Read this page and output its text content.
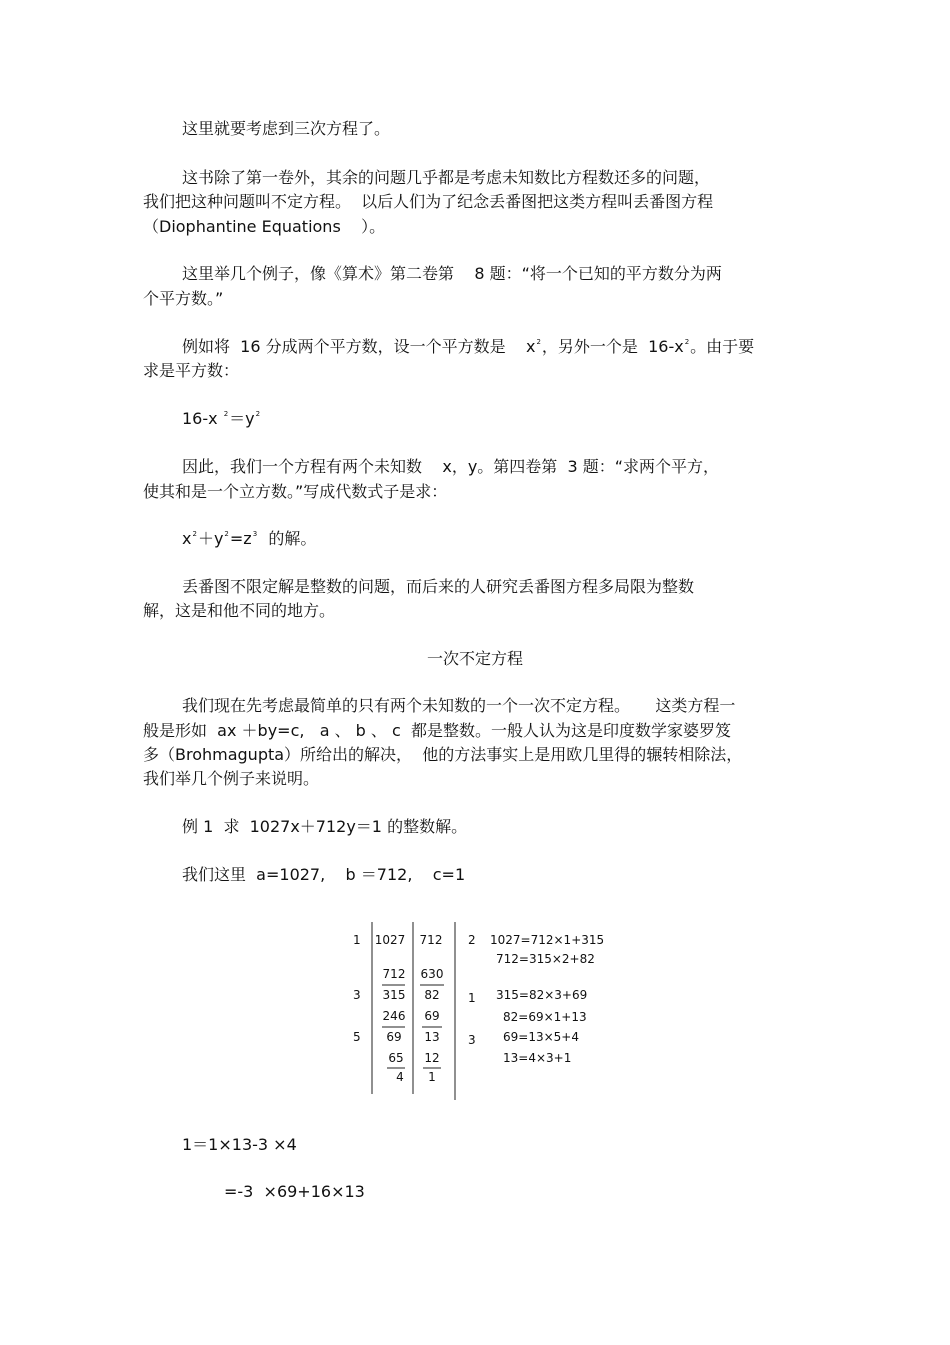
这里就要考虑到三次方程了。
这书除了第一卷外，其余的问题几乎都是考虑未知数比方程数还多的问题，
我们把这种问题叫不定方程。  以后人们为了纪念丢番图把这类方程叫丢番图方程
（Diophantine Equations    ）。
这里举几个例子，像《算术》第二卷第    8 题：“将一个已知的平方数分为两
个平方数。”
例如将  16 分成两个平方数，设一个平方数是    $x^2$，另外一个是  $16-x^2$。由于要
求是平方数：
16-x $^2=y^2$
因此，我们一个方程有两个未知数    x，y。第四卷第  3 题：“求两个平方，
使其和是一个立方数。”写成代数式子是求：
$x^2+y^2=z^3$  的解。
丢番图不限定解是整数的问题，而后来的人研究丢番图方程多局限为整数
解，这是和他不同的地方。
一次不定方程
我们现在先考虑最简单的只有两个未知数的一个一次不定方程。     这类方程一
般是形如  ax ＋by=c,   a 、 b 、 c  都是整数。一般人认为这是印度数学家婆罗笈
多（Brohmagupta）所给出的解决，  他的方法事实上是用欧几里得的辗转相除法，
我们举几个例子来说明。
例 1  求  1027x＋712y＝1 的整数解。
我们这里  a=1027,    b ＝712,    c=1
1
3
5
1027
712
315
246
69
65
4
712
630
82
69
13
12
1
2
1
3
1027=712×1+315
712=315×2+82
315=82×3+69
82=69×1+13
69=13×5+4
13=4×3+1
1＝1×13-3 ×4
=-3  ×69+16×13
